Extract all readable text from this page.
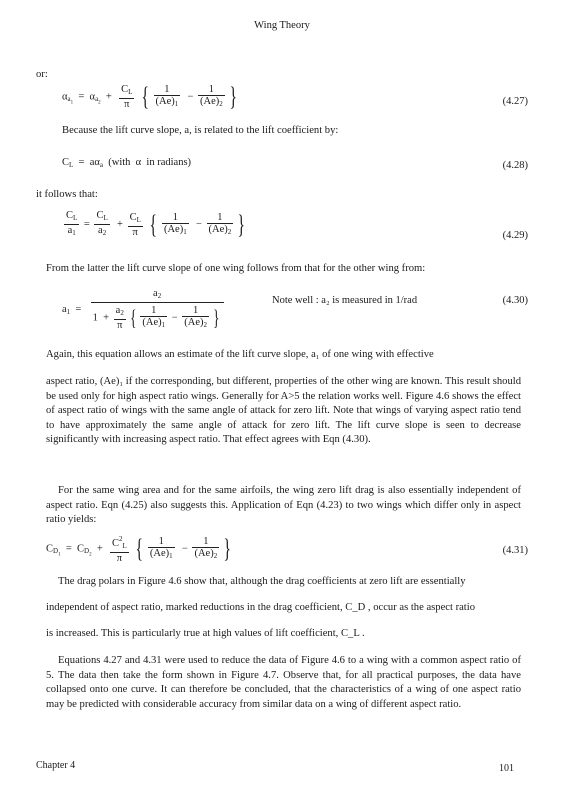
Wing Theory
or:
$\alpha_{a_1} = \alpha_{a_2} + \frac{C_L}{\pi}$ { $\frac{1}{(Ae)_1} - \frac{1}{(Ae)_2}$ }	(4.27)
Because the lift curve slope, a, is related to the lift coefficient by:
$C_L = a\alpha_a$  (with  α  in radians)	(4.28)
it follows that:
$\frac{C_L}{a_1} = \frac{C_L}{a_2} + \frac{C_L}{\pi}$ { $\frac{1}{(Ae)_1} - \frac{1}{(Ae)_2}$ }	(4.29)
From the latter the lift curve slope of one wing follows from that for the other wing from:
$a_1 = \frac{a_2}{1 + \frac{a_2}{\pi} \{ \frac{1}{(Ae)_1} - \frac{1}{(Ae)_2} \}}$	Note well : a₂ is measured in 1/rad	(4.30)
Again, this equation allows an estimate of the lift curve slope, a₁ of one wing with effective
aspect ratio, (Ae)₁ if the corresponding, but different, properties of the other wing are known. This result should be used only for high aspect ratio wings. Generally for A>5 the relation works well. Figure 4.6 shows the effect of aspect ratio of wings with the same angle of attack for zero lift. Note that wings of varying aspect ratio tend to have approximately the same angle of attack for zero lift. The lift curve slope is seen to decrease significantly with increasing aspect ratio. That effect agrees with Eqn (4.30).
For the same wing area and for the same airfoils, the wing zero lift drag is also essentially independent of aspect ratio. Eqn (4.25) also suggests this. Application of Eqn (4.23) to two wings which differ only in aspect ratio yields:
$C_{D_1} = C_{D_2} + \frac{C^2_L}{\pi}$ { $\frac{1}{(Ae)_1} - \frac{1}{(Ae)_2}$ }	(4.31)
The drag polars in Figure 4.6 show that, although the drag coefficients at zero lift are essentially
independent of aspect ratio, marked reductions in the drag coefficient, C_D , occur as the aspect ratio
is increased. This is particularly true at high values of lift coefficient, C_L .
Equations 4.27 and 4.31 were used to reduce the data of Figure 4.6 to a wing with a common aspect ratio of 5. The data then take the form shown in Figure 4.7. Observe that, for all practical purposes, the data have collapsed onto one curve. It can therefore be concluded, that the characteristics of a wing of one aspect ratio may be predicted with considerable accuracy from similar data on a wing of different aspect ratio.
Chapter 4	101
